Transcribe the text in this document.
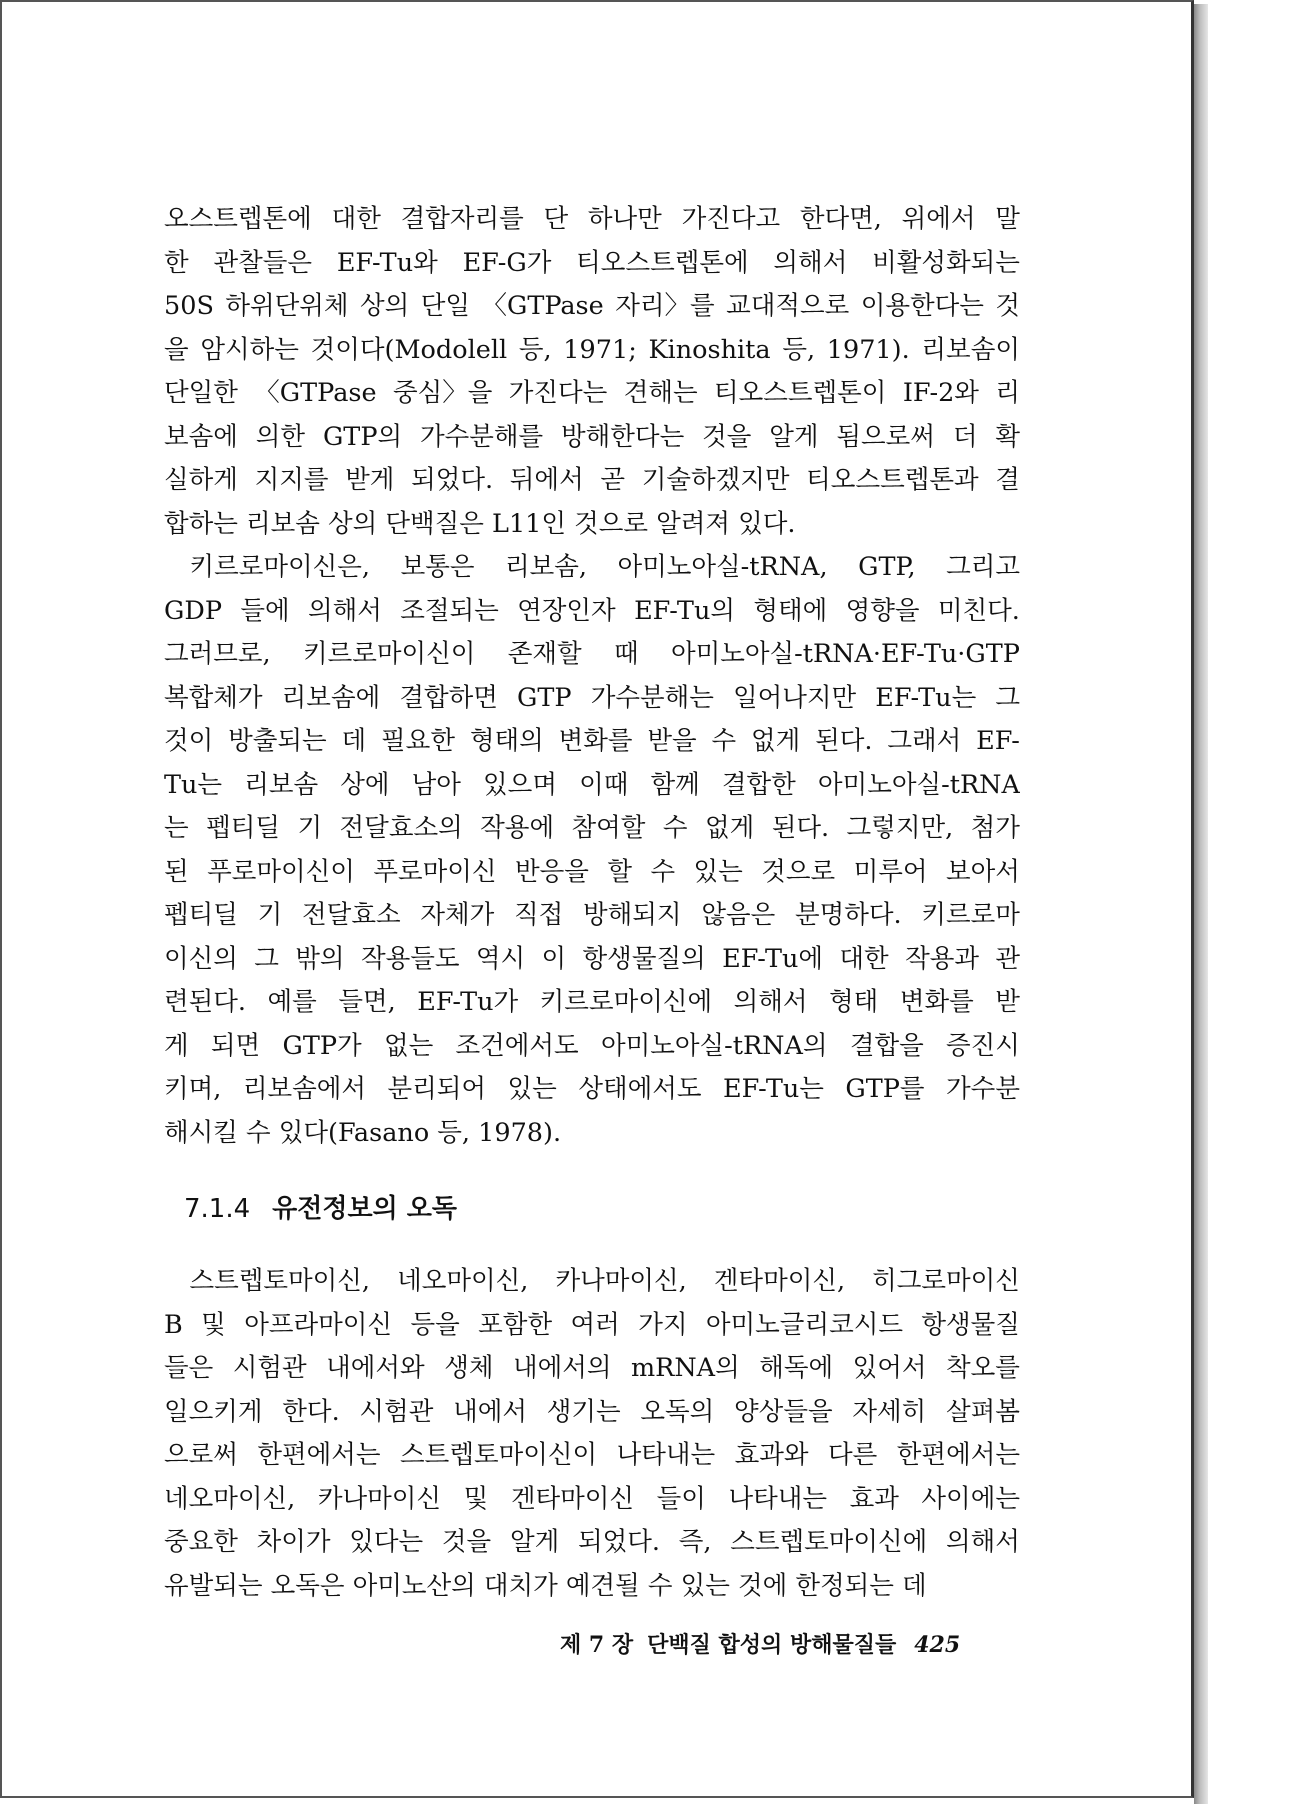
오스트렙톤에 대한 결합자리를 단 하나만 가진다고 한다면, 위에서 말
한 관찰들은 EF-Tu와 EF-G가 티오스트렙톤에 의해서 비활성화되는
50S 하위단위체 상의 단일 〈GTPase 자리〉를 교대적으로 이용한다는 것
을 암시하는 것이다(Modolell 등, 1971; Kinoshita 등, 1971). 리보솜이
단일한 〈GTPase 중심〉을 가진다는 견해는 티오스트렙톤이 IF-2와 리
보솜에 의한 GTP의 가수분해를 방해한다는 것을 알게 됨으로써 더 확
실하게 지지를 받게 되었다. 뒤에서 곧 기술하겠지만 티오스트렙톤과 결
합하는 리보솜 상의 단백질은 L11인 것으로 알려져 있다.
　키르로마이신은, 보통은 리보솜, 아미노아실-tRNA, GTP, 그리고
GDP 들에 의해서 조절되는 연장인자 EF-Tu의 형태에 영향을 미친다.
그러므로, 키르로마이신이 존재할 때 아미노아실-tRNA·EF-Tu·GTP
복합체가 리보솜에 결합하면 GTP 가수분해는 일어나지만 EF-Tu는 그
것이 방출되는 데 필요한 형태의 변화를 받을 수 없게 된다. 그래서 EF-
Tu는 리보솜 상에 남아 있으며 이때 함께 결합한 아미노아실-tRNA
는 펩티딜 기 전달효소의 작용에 참여할 수 없게 된다. 그렇지만, 첨가
된 푸로마이신이 푸로마이신 반응을 할 수 있는 것으로 미루어 보아서
펩티딜 기 전달효소 자체가 직접 방해되지 않음은 분명하다. 키르로마
이신의 그 밖의 작용들도 역시 이 항생물질의 EF-Tu에 대한 작용과 관
련된다. 예를 들면, EF-Tu가 키르로마이신에 의해서 형태 변화를 받
게 되면 GTP가 없는 조건에서도 아미노아실-tRNA의 결합을 증진시
키며, 리보솜에서 분리되어 있는 상태에서도 EF-Tu는 GTP를 가수분
해시킬 수 있다(Fasano 등, 1978).
7.1.4 유전정보의 오독
　스트렙토마이신, 네오마이신, 카나마이신, 겐타마이신, 히그로마이신
B 및 아프라마이신 등을 포함한 여러 가지 아미노글리코시드 항생물질
들은 시험관 내에서와 생체 내에서의 mRNA의 해독에 있어서 착오를
일으키게 한다. 시험관 내에서 생기는 오독의 양상들을 자세히 살펴봄
으로써 한편에서는 스트렙토마이신이 나타내는 효과와 다른 한편에서는
네오마이신, 카나마이신 및 겐타마이신 들이 나타내는 효과 사이에는
중요한 차이가 있다는 것을 알게 되었다. 즉, 스트렙토마이신에 의해서
유발되는 오독은 아미노산의 대치가 예견될 수 있는 것에 한정되는 데
제 7 장 단백질 합성의 방해물질들 425
